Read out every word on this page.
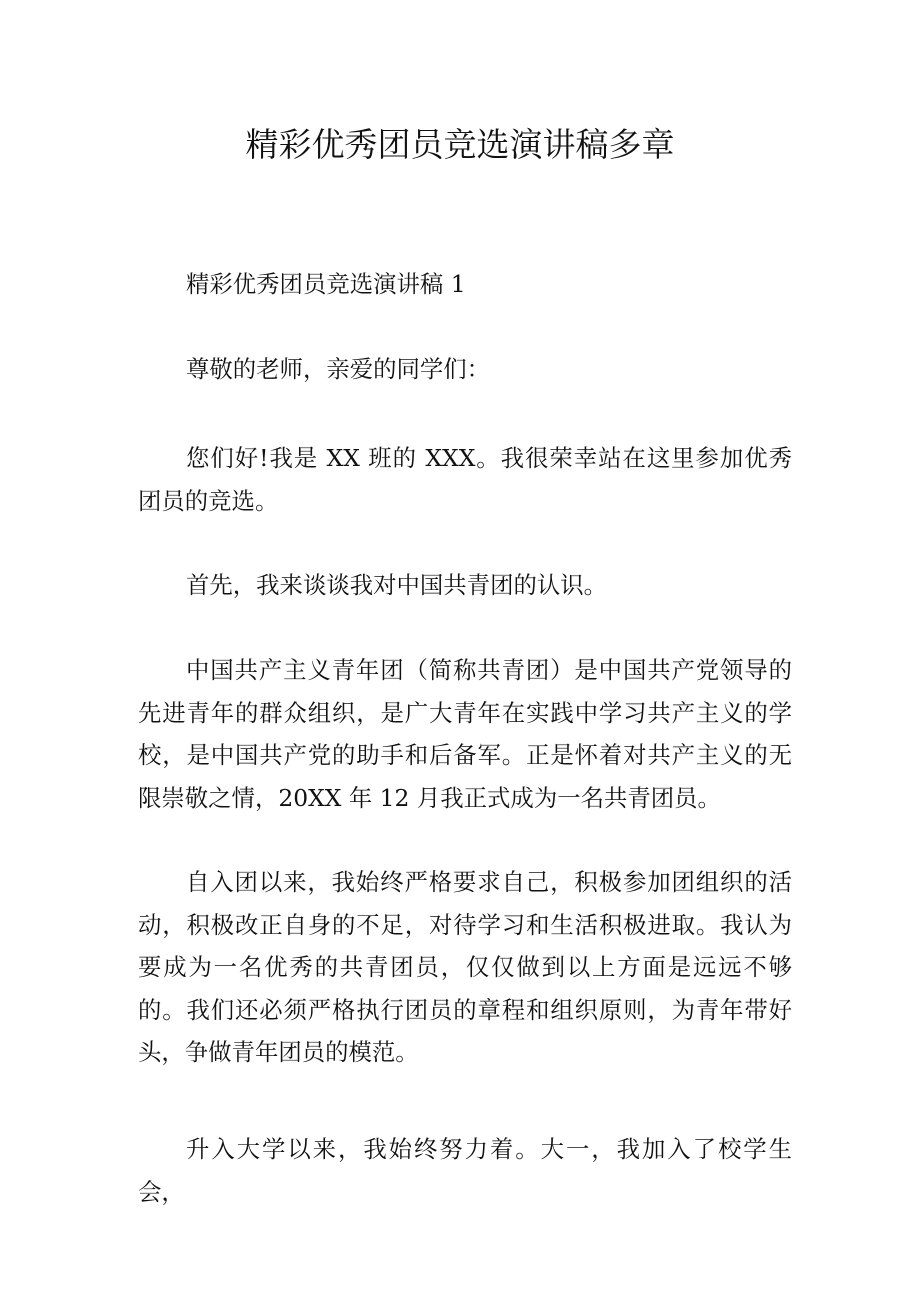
精彩优秀团员竞选演讲稿多章

精彩优秀团员竞选演讲稿 1

尊敬的老师，亲爱的同学们：

您们好!我是 XX 班的 XXX。我很荣幸站在这里参加优秀团员的竞选。

首先，我来谈谈我对中国共青团的认识。

中国共产主义青年团（简称共青团）是中国共产党领导的先进青年的群众组织，是广大青年在实践中学习共产主义的学校，是中国共产党的助手和后备军。正是怀着对共产主义的无限崇敬之情，20XX 年 12 月我正式成为一名共青团员。

自入团以来，我始终严格要求自己，积极参加团组织的活动，积极改正自身的不足，对待学习和生活积极进取。我认为要成为一名优秀的共青团员，仅仅做到以上方面是远远不够的。我们还必须严格执行团员的章程和组织原则，为青年带好头，争做青年团员的模范。

升入大学以来，我始终努力着。大一，我加入了校学生会，
